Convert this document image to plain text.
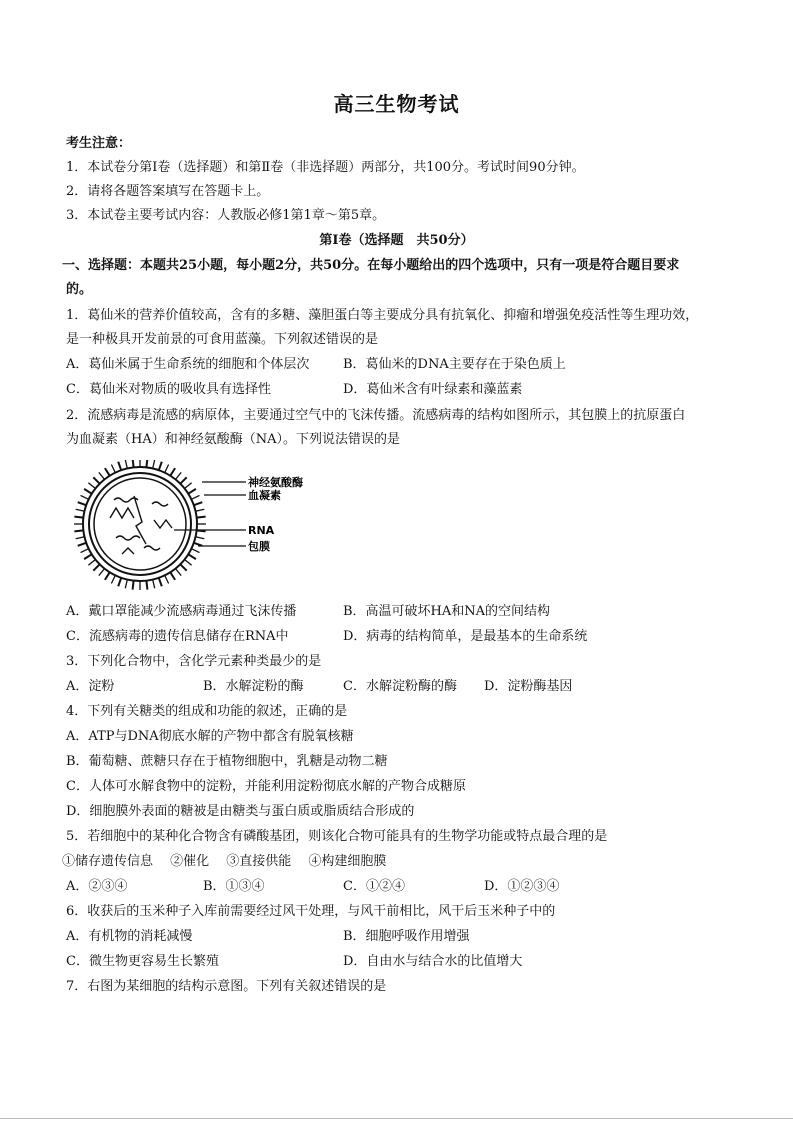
高三生物考试
考生注意：
1．本试卷分第Ⅰ卷（选择题）和第Ⅱ卷（非选择题）两部分，共100分。考试时间90分钟。
2．请将各题答案填写在答题卡上。
3．本试卷主要考试内容：人教版必修1第1章～第5章。
第Ⅰ卷（选择题　共50分）
一、选择题：本题共25小题，每小题2分，共50分。在每小题给出的四个选项中，只有一项是符合题目要求
的。
1．葛仙米的营养价值较高，含有的多糖、藻胆蛋白等主要成分具有抗氧化、抑瘤和增强免疫活性等生理功效，
是一种极具开发前景的可食用蓝藻。下列叙述错误的是
A．葛仙米属于生命系统的细胞和个体层次	B．葛仙米的DNA主要存在于染色质上
C．葛仙米对物质的吸收具有选择性	D．葛仙米含有叶绿素和藻蓝素
2．流感病毒是流感的病原体，主要通过空气中的飞沫传播。流感病毒的结构如图所示，其包膜上的抗原蛋白
为血凝素（HA）和神经氨酸酶（NA）。下列说法错误的是
神经氨酸酶
血凝素
RNA
包膜
A．戴口罩能减少流感病毒通过飞沫传播	B．高温可破坏HA和NA的空间结构
C．流感病毒的遗传信息储存在RNA中	D．病毒的结构简单，是最基本的生命系统
3．下列化合物中，含化学元素种类最少的是
A．淀粉	B．水解淀粉的酶	C．水解淀粉酶的酶 D．淀粉酶基因
4．下列有关糖类的组成和功能的叙述，正确的是
A．ATP与DNA彻底水解的产物中都含有脱氧核糖
B．葡萄糖、蔗糖只存在于植物细胞中，乳糖是动物二糖
C．人体可水解食物中的淀粉，并能利用淀粉彻底水解的产物合成糖原
D．细胞膜外表面的糖被是由糖类与蛋白质或脂质结合形成的
5．若细胞中的某种化合物含有磷酸基团，则该化合物可能具有的生物学功能或特点最合理的是
①储存遗传信息　 ②催化　 ③直接供能　 ④构建细胞膜
A．②③④	B．①③④	C．①②④	D．①②③④
6．收获后的玉米种子入库前需要经过风干处理，与风干前相比，风干后玉米种子中的
A．有机物的消耗减慢	B．细胞呼吸作用增强
C．微生物更容易生长繁殖	D．自由水与结合水的比值增大
7．右图为某细胞的结构示意图。下列有关叙述错误的是
